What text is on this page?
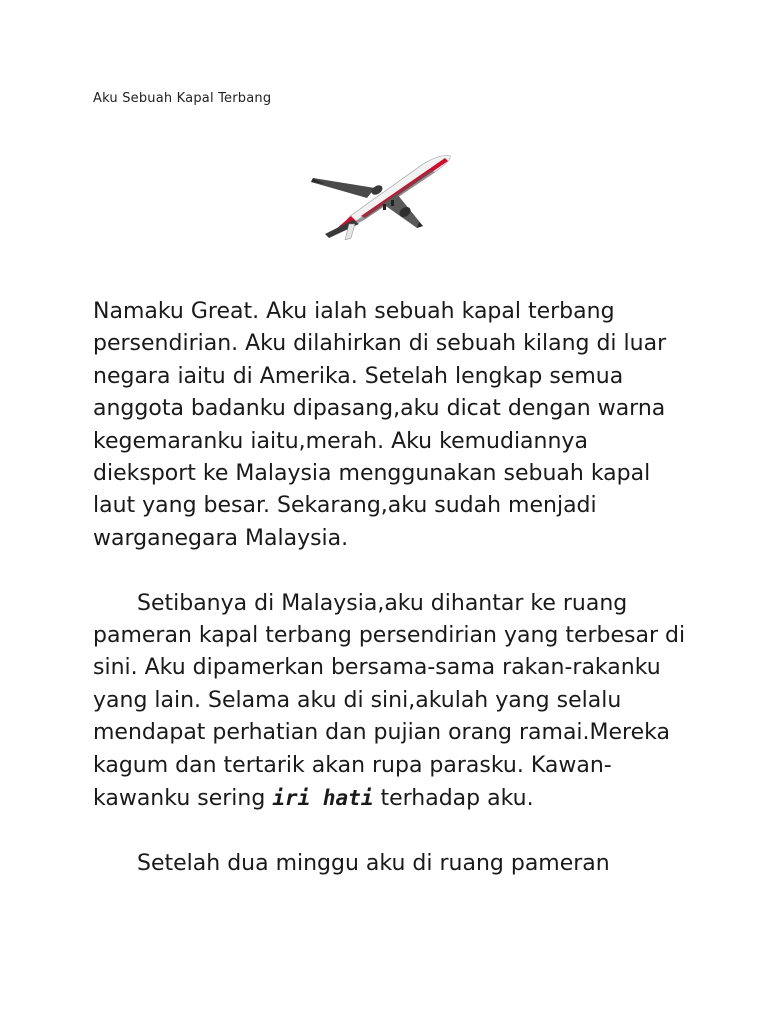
Aku Sebuah Kapal Terbang

Namaku Great. Aku ialah sebuah kapal terbang persendirian. Aku dilahirkan di sebuah kilang di luar negara iaitu di Amerika. Setelah lengkap semua anggota badanku dipasang,aku dicat dengan warna kegemaranku iaitu,merah. Aku kemudiannya dieksport ke Malaysia menggunakan sebuah kapal laut yang besar. Sekarang,aku sudah menjadi warganegara Malaysia.

Setibanya di Malaysia,aku dihantar ke ruang pameran kapal terbang persendirian yang terbesar di sini. Aku dipamerkan bersama-sama rakan-rakanku yang lain. Selama aku di sini,akulah yang selalu mendapat perhatian dan pujian orang ramai.Mereka kagum dan tertarik akan rupa parasku. Kawan-kawanku sering iri hati terhadap aku.

Setelah dua minggu aku di ruang pameran
